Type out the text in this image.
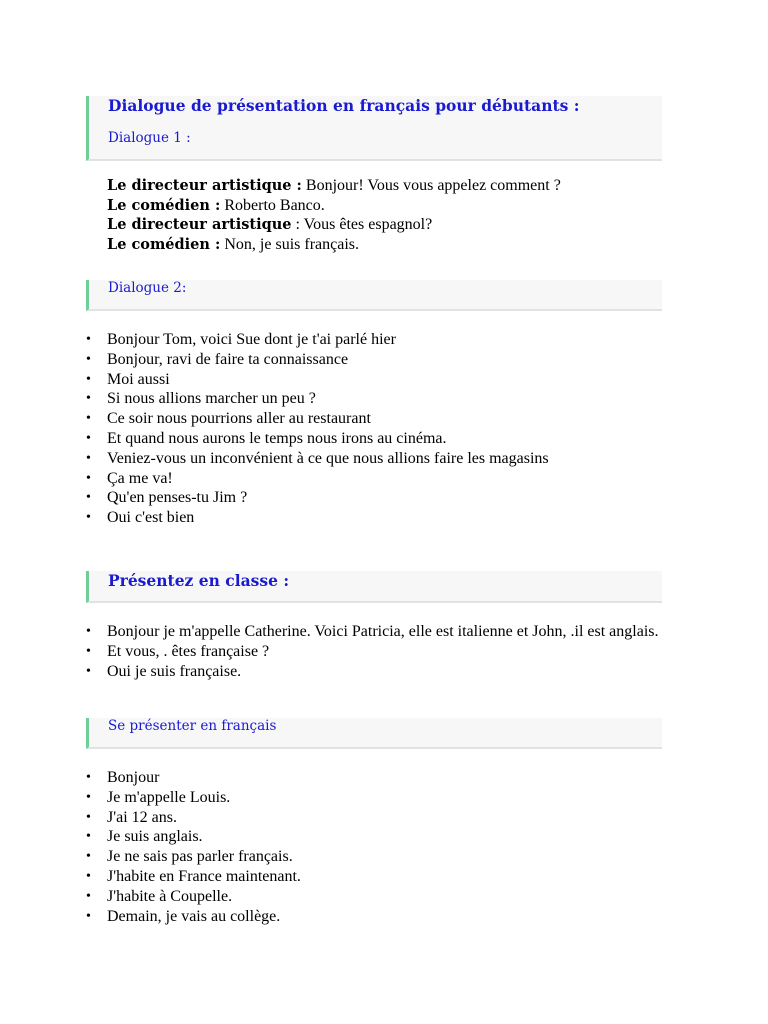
Dialogue de présentation en français pour débutants :
Dialogue 1 :
Le directeur artistique : Bonjour! Vous vous appelez comment ?
Le comédien : Roberto Banco.
Le directeur artistique : Vous êtes espagnol?
Le comédien : Non, je suis français.
Dialogue 2:
• Bonjour Tom, voici Sue dont je t'ai parlé hier
• Bonjour, ravi de faire ta connaissance
• Moi aussi
• Si nous allions marcher un peu ?
• Ce soir nous pourrions aller au restaurant
• Et quand nous aurons le temps nous irons au cinéma.
• Veniez-vous un inconvénient à ce que nous allions faire les magasins
• Ça me va!
• Qu'en penses-tu Jim ?
• Oui c'est bien
Présentez en classe :
• Bonjour je m'appelle Catherine. Voici Patricia, elle est italienne et John, .il est anglais.
• Et vous, . êtes française ?
• Oui je suis française.
Se présenter en français
• Bonjour
• Je m'appelle Louis.
• J'ai 12 ans.
• Je suis anglais.
• Je ne sais pas parler français.
• J'habite en France maintenant.
• J'habite à Coupelle.
• Demain, je vais au collège.
